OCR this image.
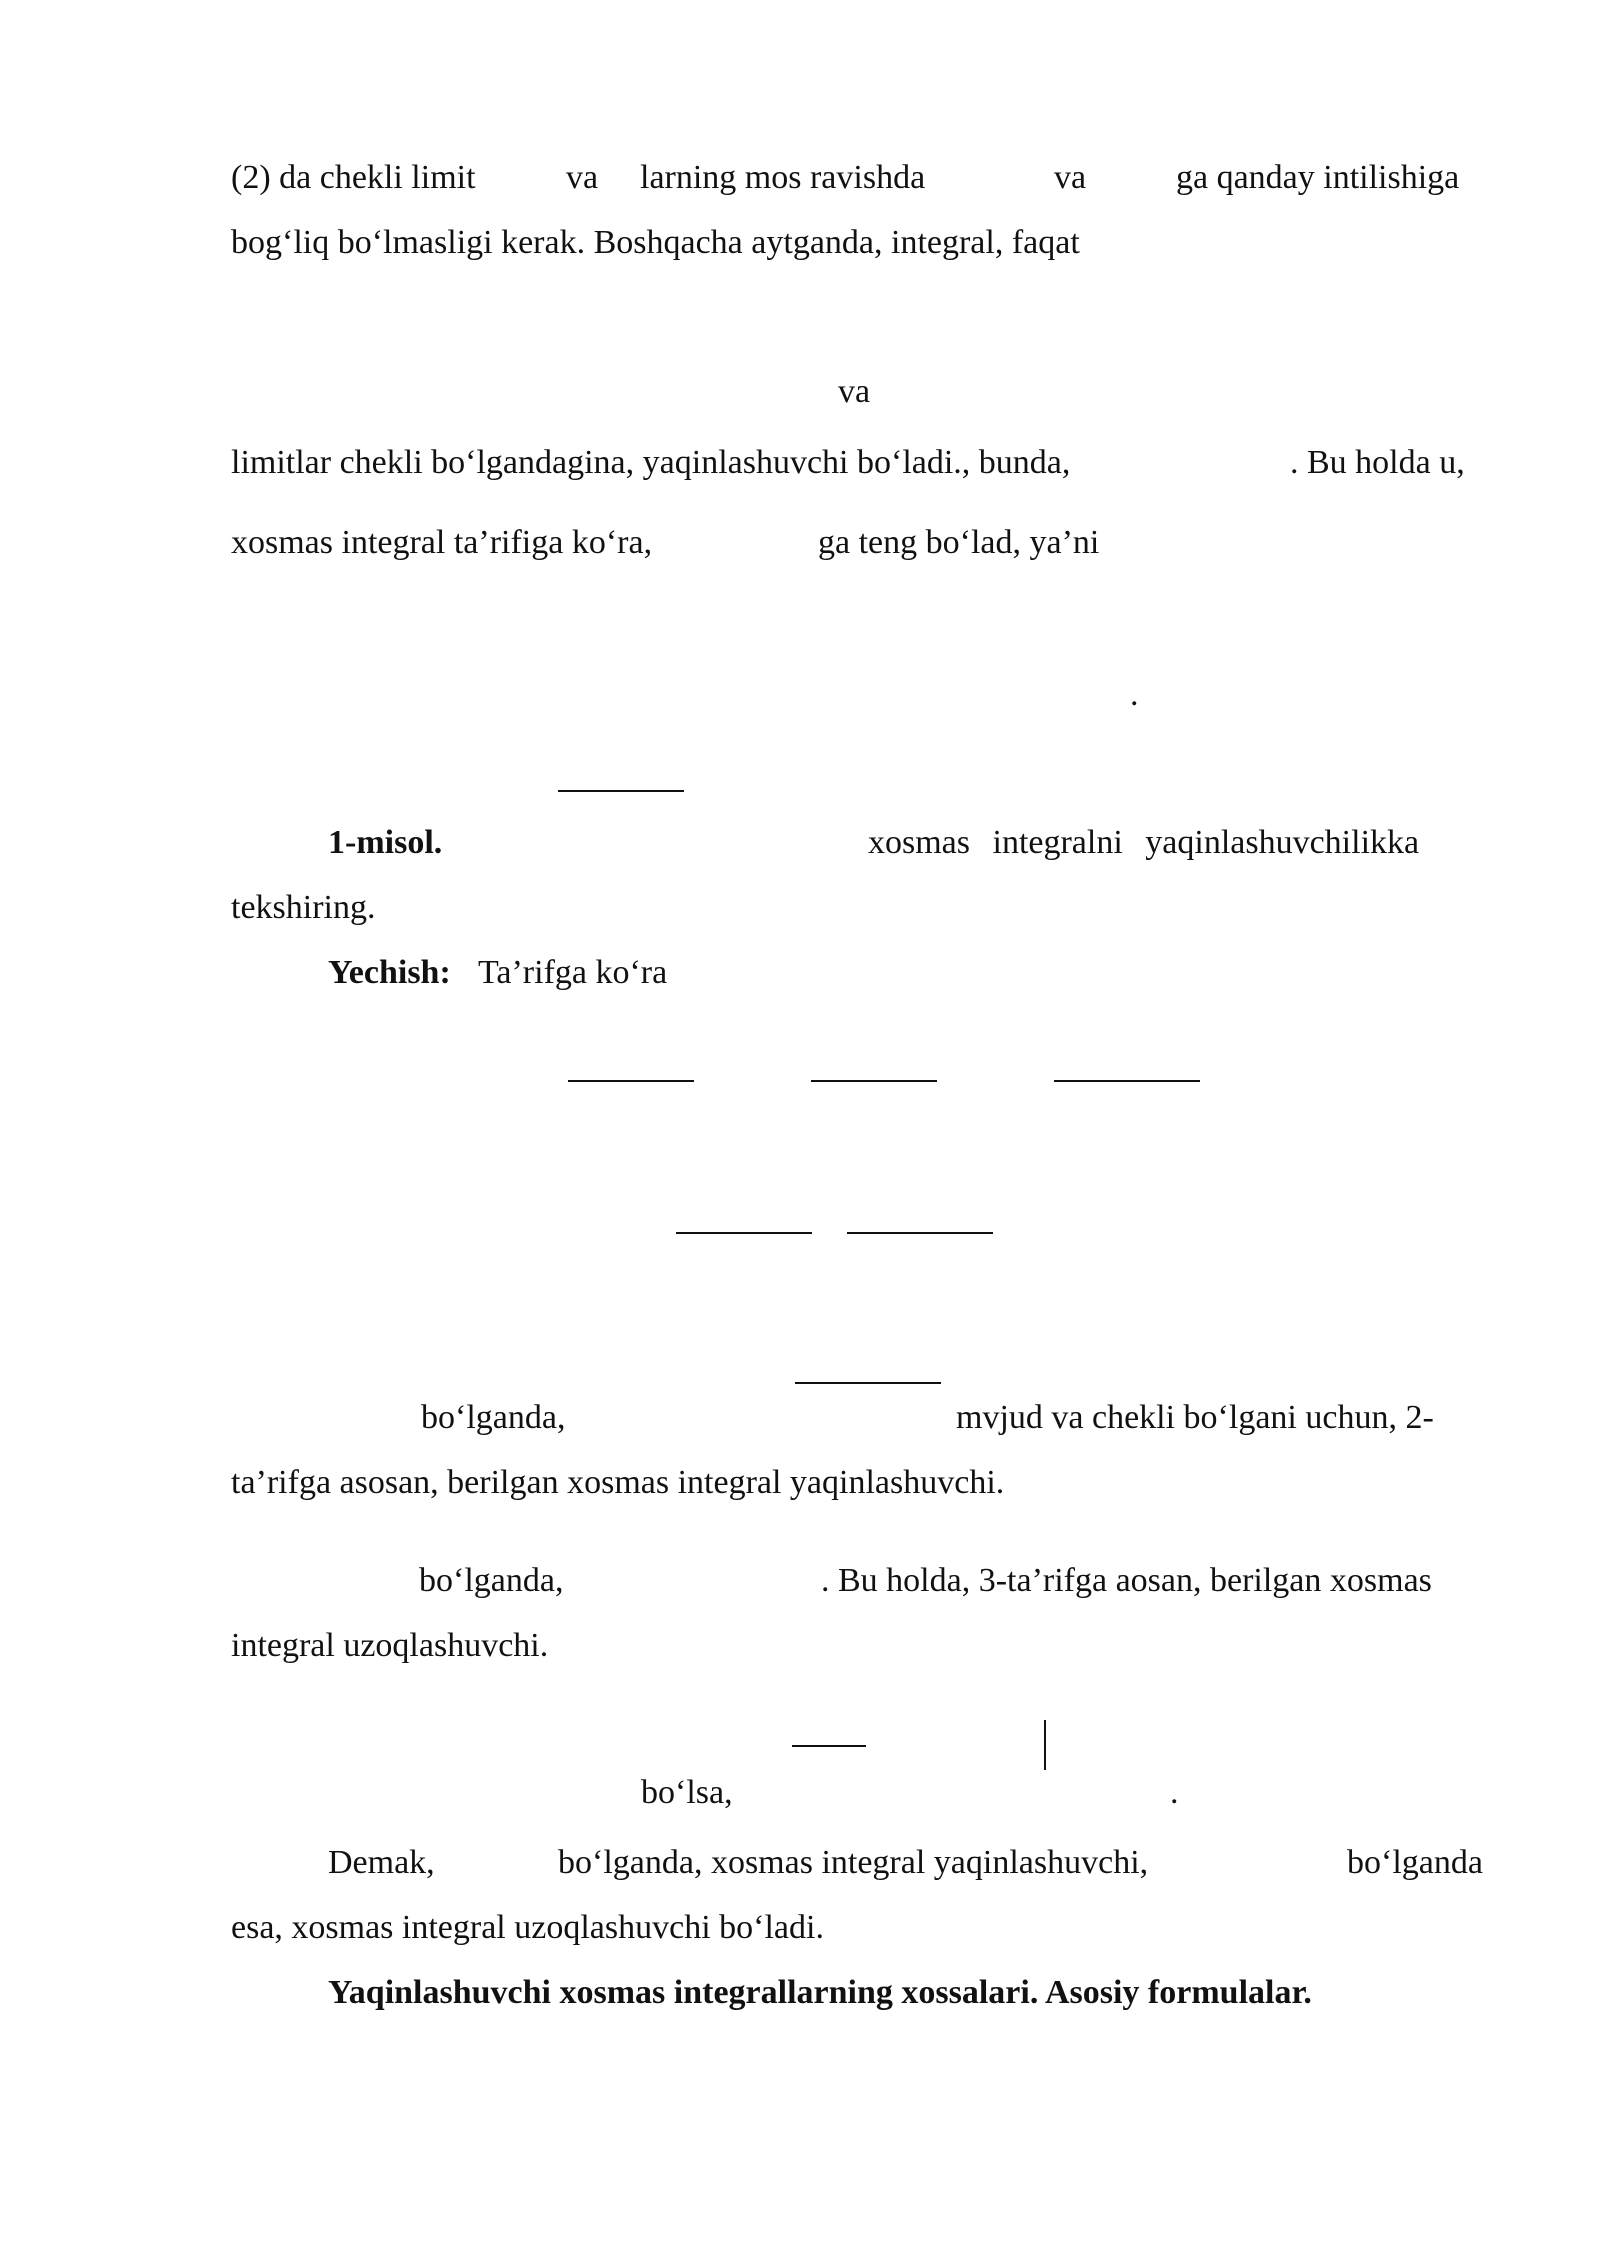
(2) da chekli limit	va larning mos ravishda	va	ga qanday intilishiga
bog‘liq bo‘lmasligi kerak. Boshqacha aytganda, integral, faqat
va
limitlar chekli bo‘lgandagina, yaqinlashuvchi bo‘ladi., bunda,	. Bu holda u,
xosmas integral ta’rifiga ko‘ra,	ga teng bo‘lad, ya’ni
.
1-misol.	xosmas integralni yaqinlashuvchilikka
tekshiring.
Yechish: Ta’rifga ko‘ra
bo‘lganda,	mvjud va chekli bo‘lgani uchun, 2-
ta’rifga asosan, berilgan xosmas integral yaqinlashuvchi.
bo‘lganda,	. Bu holda, 3-ta’rifga aosan, berilgan xosmas
integral uzoqlashuvchi.
bo‘lsa,	.
Demak,	bo‘lganda, xosmas integral yaqinlashuvchi,	bo‘lganda
esa, xosmas integral uzoqlashuvchi bo‘ladi.
Yaqinlashuvchi xosmas integrallarning xossalari. Asosiy formulalar.
